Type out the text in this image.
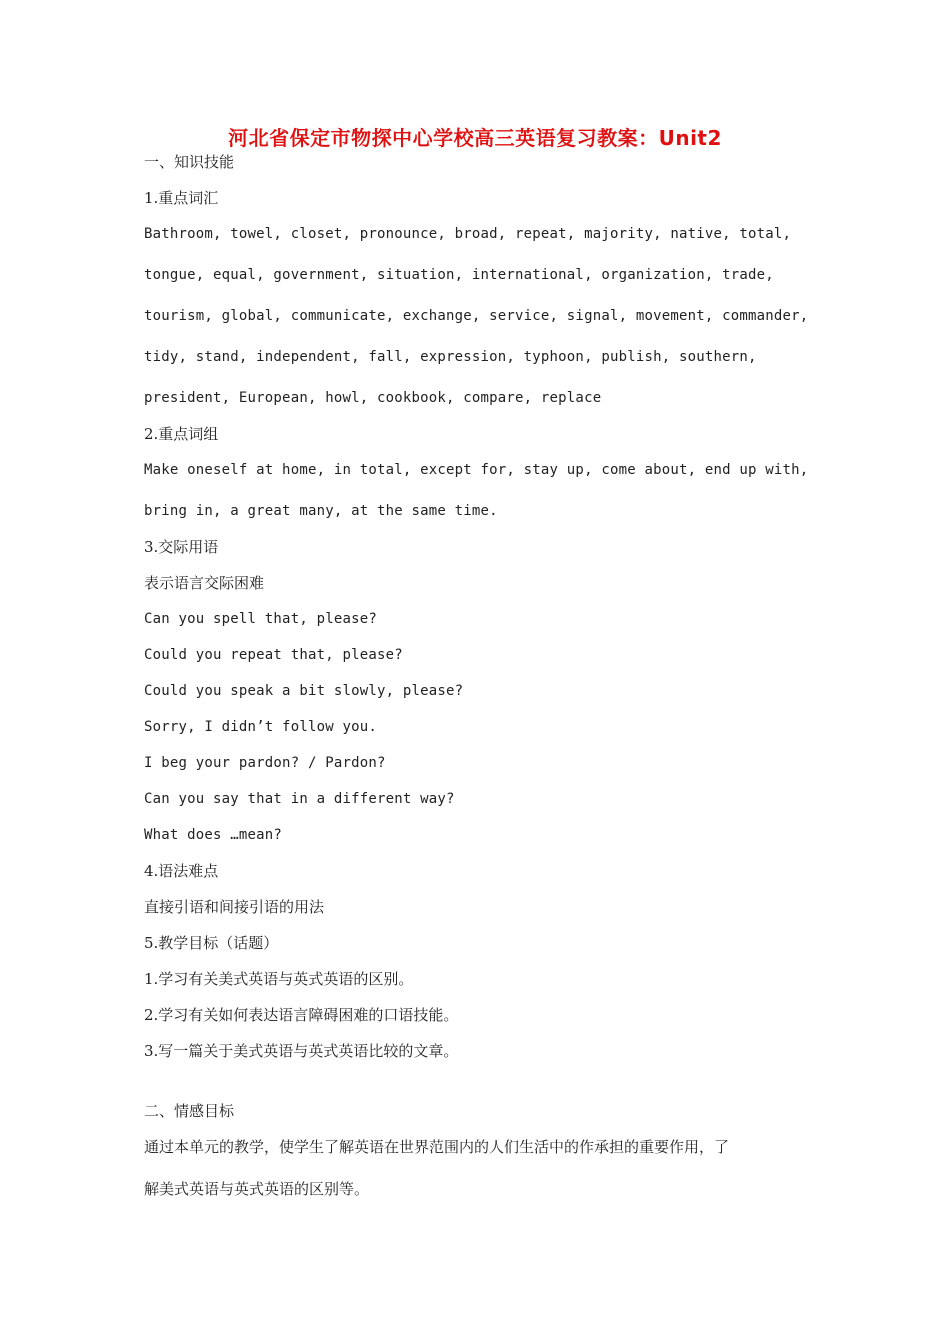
河北省保定市物探中心学校高三英语复习教案：Unit2
一、知识技能
1.重点词汇
Bathroom, towel, closet, pronounce, broad, repeat, majority, native, total,
tongue, equal, government, situation, international, organization, trade,
tourism, global, communicate, exchange, service, signal, movement, commander,
tidy, stand, independent, fall, expression, typhoon, publish, southern,
president, European, howl, cookbook, compare, replace
2.重点词组
Make oneself at home, in total, except for, stay up, come about, end up with,
bring in, a great many, at the same time.
3.交际用语
表示语言交际困难
Can you spell that, please?
Could you repeat that, please?
Could you speak a bit slowly, please?
Sorry, I didn’t follow you.
I beg your pardon? / Pardon?
Can you say that in a different way?
What does …mean?
4.语法难点
直接引语和间接引语的用法
5.教学目标（话题）
1.学习有关美式英语与英式英语的区别。
2.学习有关如何表达语言障碍困难的口语技能。
3.写一篇关于美式英语与英式英语比较的文章。
二、情感目标
通过本单元的教学，使学生了解英语在世界范围内的人们生活中的作承担的重要作用，了
解美式英语与英式英语的区别等。
